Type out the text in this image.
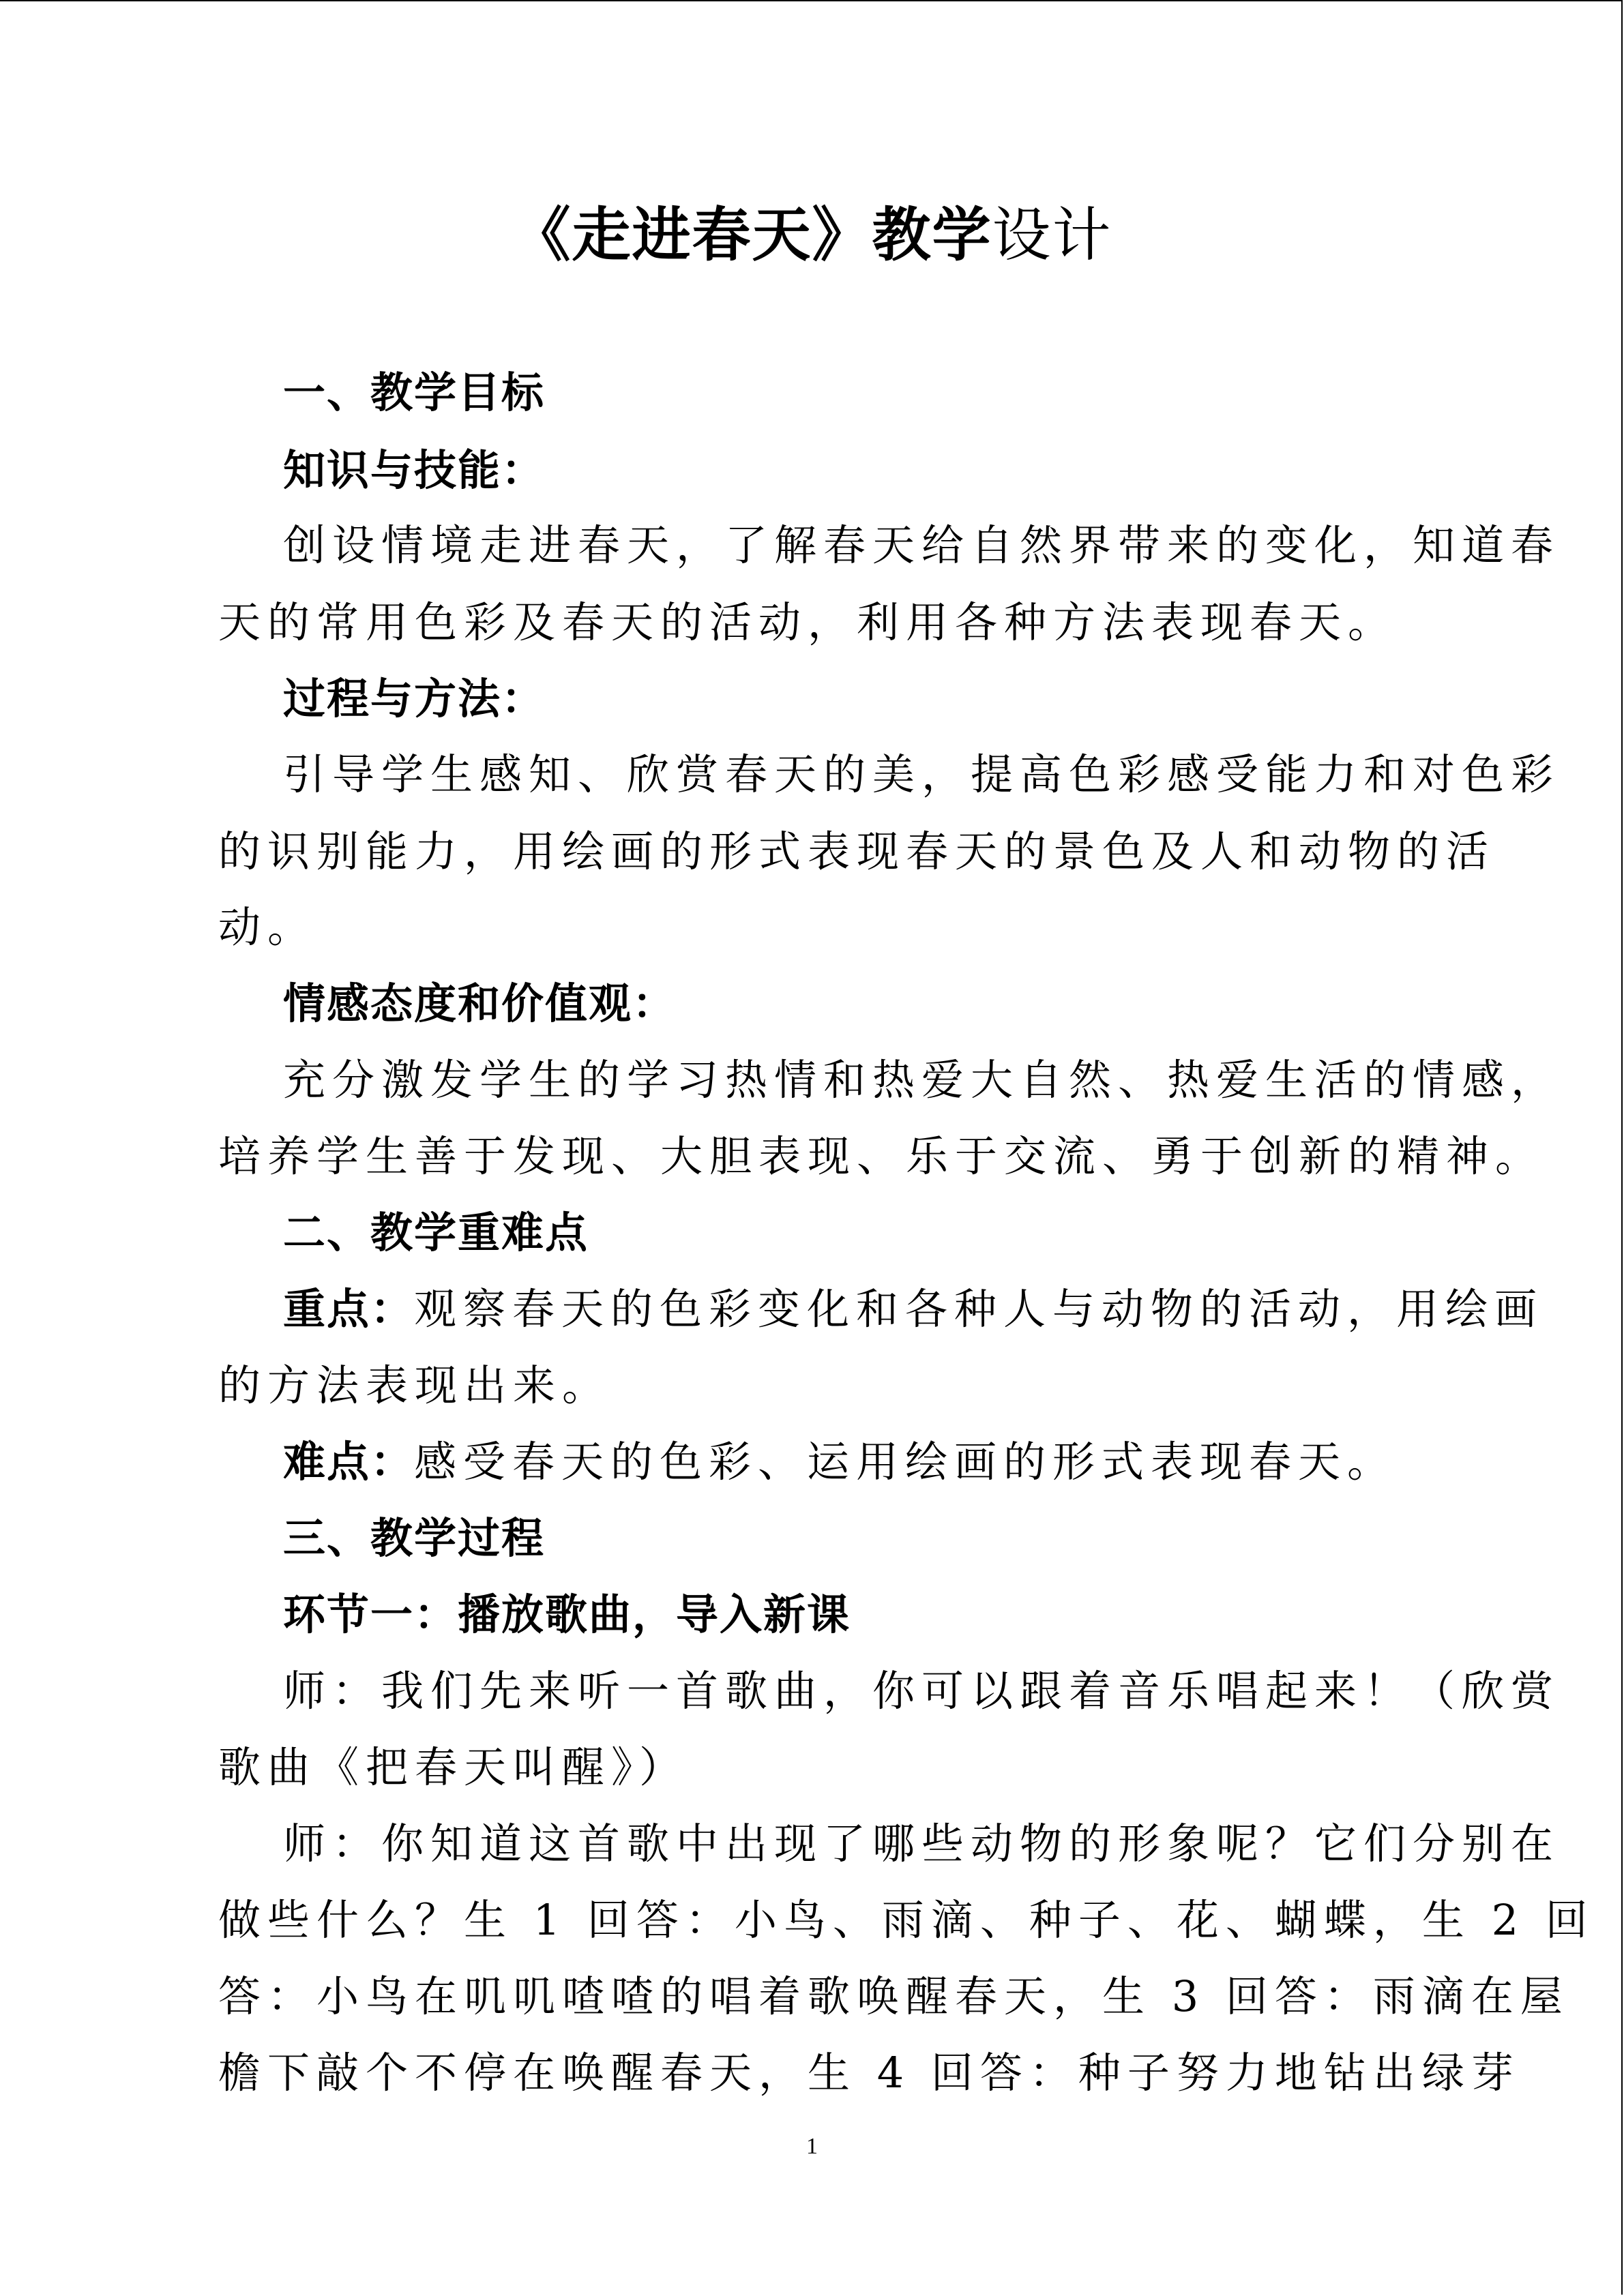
《走进春天》教学设计
一、教学目标
知识与技能：
创设情境走进春天，了解春天给自然界带来的变化，知道春
天的常用色彩及春天的活动，利用各种方法表现春天。
过程与方法：
引导学生感知、欣赏春天的美，提高色彩感受能力和对色彩
的识别能力，用绘画的形式表现春天的景色及人和动物的活
动。
情感态度和价值观：
充分激发学生的学习热情和热爱大自然、热爱生活的情感，
培养学生善于发现、大胆表现、乐于交流、勇于创新的精神。
二、教学重难点
重点：观察春天的色彩变化和各种人与动物的活动，用绘画
的方法表现出来。
难点：感受春天的色彩、运用绘画的形式表现春天。
三、教学过程
环节一：播放歌曲，导入新课
师：我们先来听一首歌曲，你可以跟着音乐唱起来！（欣赏
歌曲《把春天叫醒》）
师：你知道这首歌中出现了哪些动物的形象呢？它们分别在
做些什么？生 1 回答：小鸟、雨滴、种子、花、蝴蝶，生 2 回
答：小鸟在叽叽喳喳的唱着歌唤醒春天，生 3 回答：雨滴在屋
檐下敲个不停在唤醒春天，生 4 回答：种子努力地钻出绿芽
1
